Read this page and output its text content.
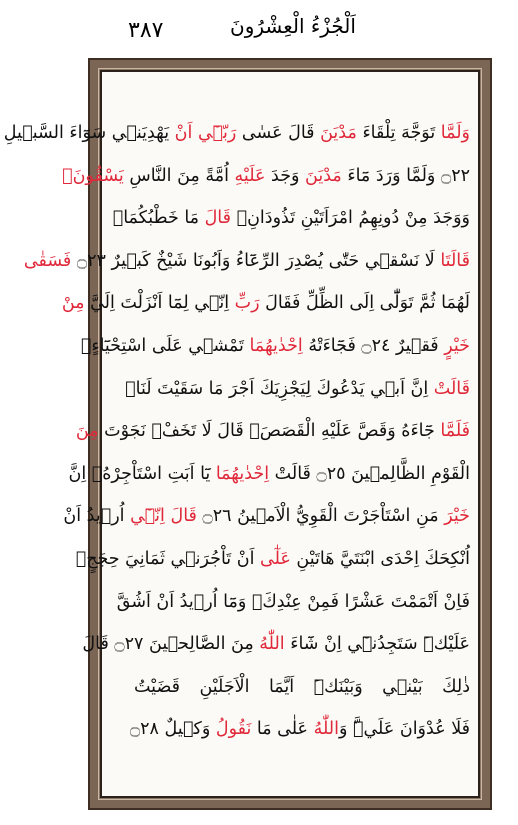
٣٨٧	اَلْجُزْءُ الْعِشْرُونَ
وَلَمَّا تَوَجَّهَ تِلْقَاءَ مَدْيَنَ قَالَ عَسٰى رَبّ۪ٓي اَنْ يَهْدِيَن۪ي سَوَٓاءَ السَّب۪يلِ
۝٢٢ وَلَمَّا وَرَدَ مَٓاءَ مَدْيَنَ وَجَدَ عَلَيْهِ اُمَّةً مِنَ النَّاسِ يَسْقُونَۘ
وَوَجَدَ مِنْ دُونِهِمُ امْرَاَتَيْنِ تَذُودَانِۚ قَالَ مَا خَطْبُكُمَاۜ
قَالَتَا لَا نَسْق۪ي حَتّٰى يُصْدِرَ الرِّعَٓاءُ وَاَبُونَا شَيْخٌ كَب۪يرٌ ۝٢٣ فَسَقٰى
لَهُمَا ثُمَّ تَوَلّٰٓى اِلَى الظِّلِّ فَقَالَ رَبِّ اِنّ۪ي لِمَٓا اَنْزَلْتَ اِلَيَّ مِنْ
خَيْرٍ فَق۪يرٌ ۝٢٤ فَجَٓاءَتْهُ اِحْدٰيهُمَا تَمْش۪ي عَلَى اسْتِحْيَٓاءٍۘ
قَالَتْ اِنَّ اَب۪ي يَدْعُوكَ لِيَجْزِيَكَ اَجْرَ مَا سَقَيْتَ لَنَاۜ
فَلَمَّا جَٓاءَهُ وَقَصَّ عَلَيْهِ الْقَصَصَۙ قَالَ لَا تَخَفْ۠ نَجَوْتَ مِنَ
الْقَوْمِ الظَّالِم۪ينَ ۝٢٥ قَالَتْ اِحْدٰيهُمَا يَٓا اَبَتِ اسْتَاْجِرْهُۘ اِنَّ
خَيْرَ مَنِ اسْتَاْجَرْتَ الْقَوِيُّ الْاَم۪ينُ ۝٢٦ قَالَ اِنّ۪ٓي اُر۪يدُ اَنْ
اُنْكِحَكَ اِحْدَى ابْنَتَيَّ هَاتَيْنِ عَلٰٓى اَنْ تَاْجُرَن۪ي ثَمَانِيَ حِجَجٍۚ
فَاِنْ اَتْمَمْتَ عَشْرًا فَمِنْ عِنْدِكَۚ وَمَٓا اُر۪يدُ اَنْ اَشُقَّ
عَلَيْكَۜ سَتَجِدُن۪ٓي اِنْ شَٓاءَ اللّٰهُ مِنَ الصَّالِح۪ينَ ۝٢٧ قَالَ
ذٰلِكَ بَيْن۪ي وَبَيْنَكَۜ اَيَّمَا الْاَجَلَيْنِ قَضَيْتُ
فَلَا عُدْوَانَ عَلَيَّۜ وَاللّٰهُ عَلٰى مَا نَقُولُ وَك۪يلٌ ۝٢٨
